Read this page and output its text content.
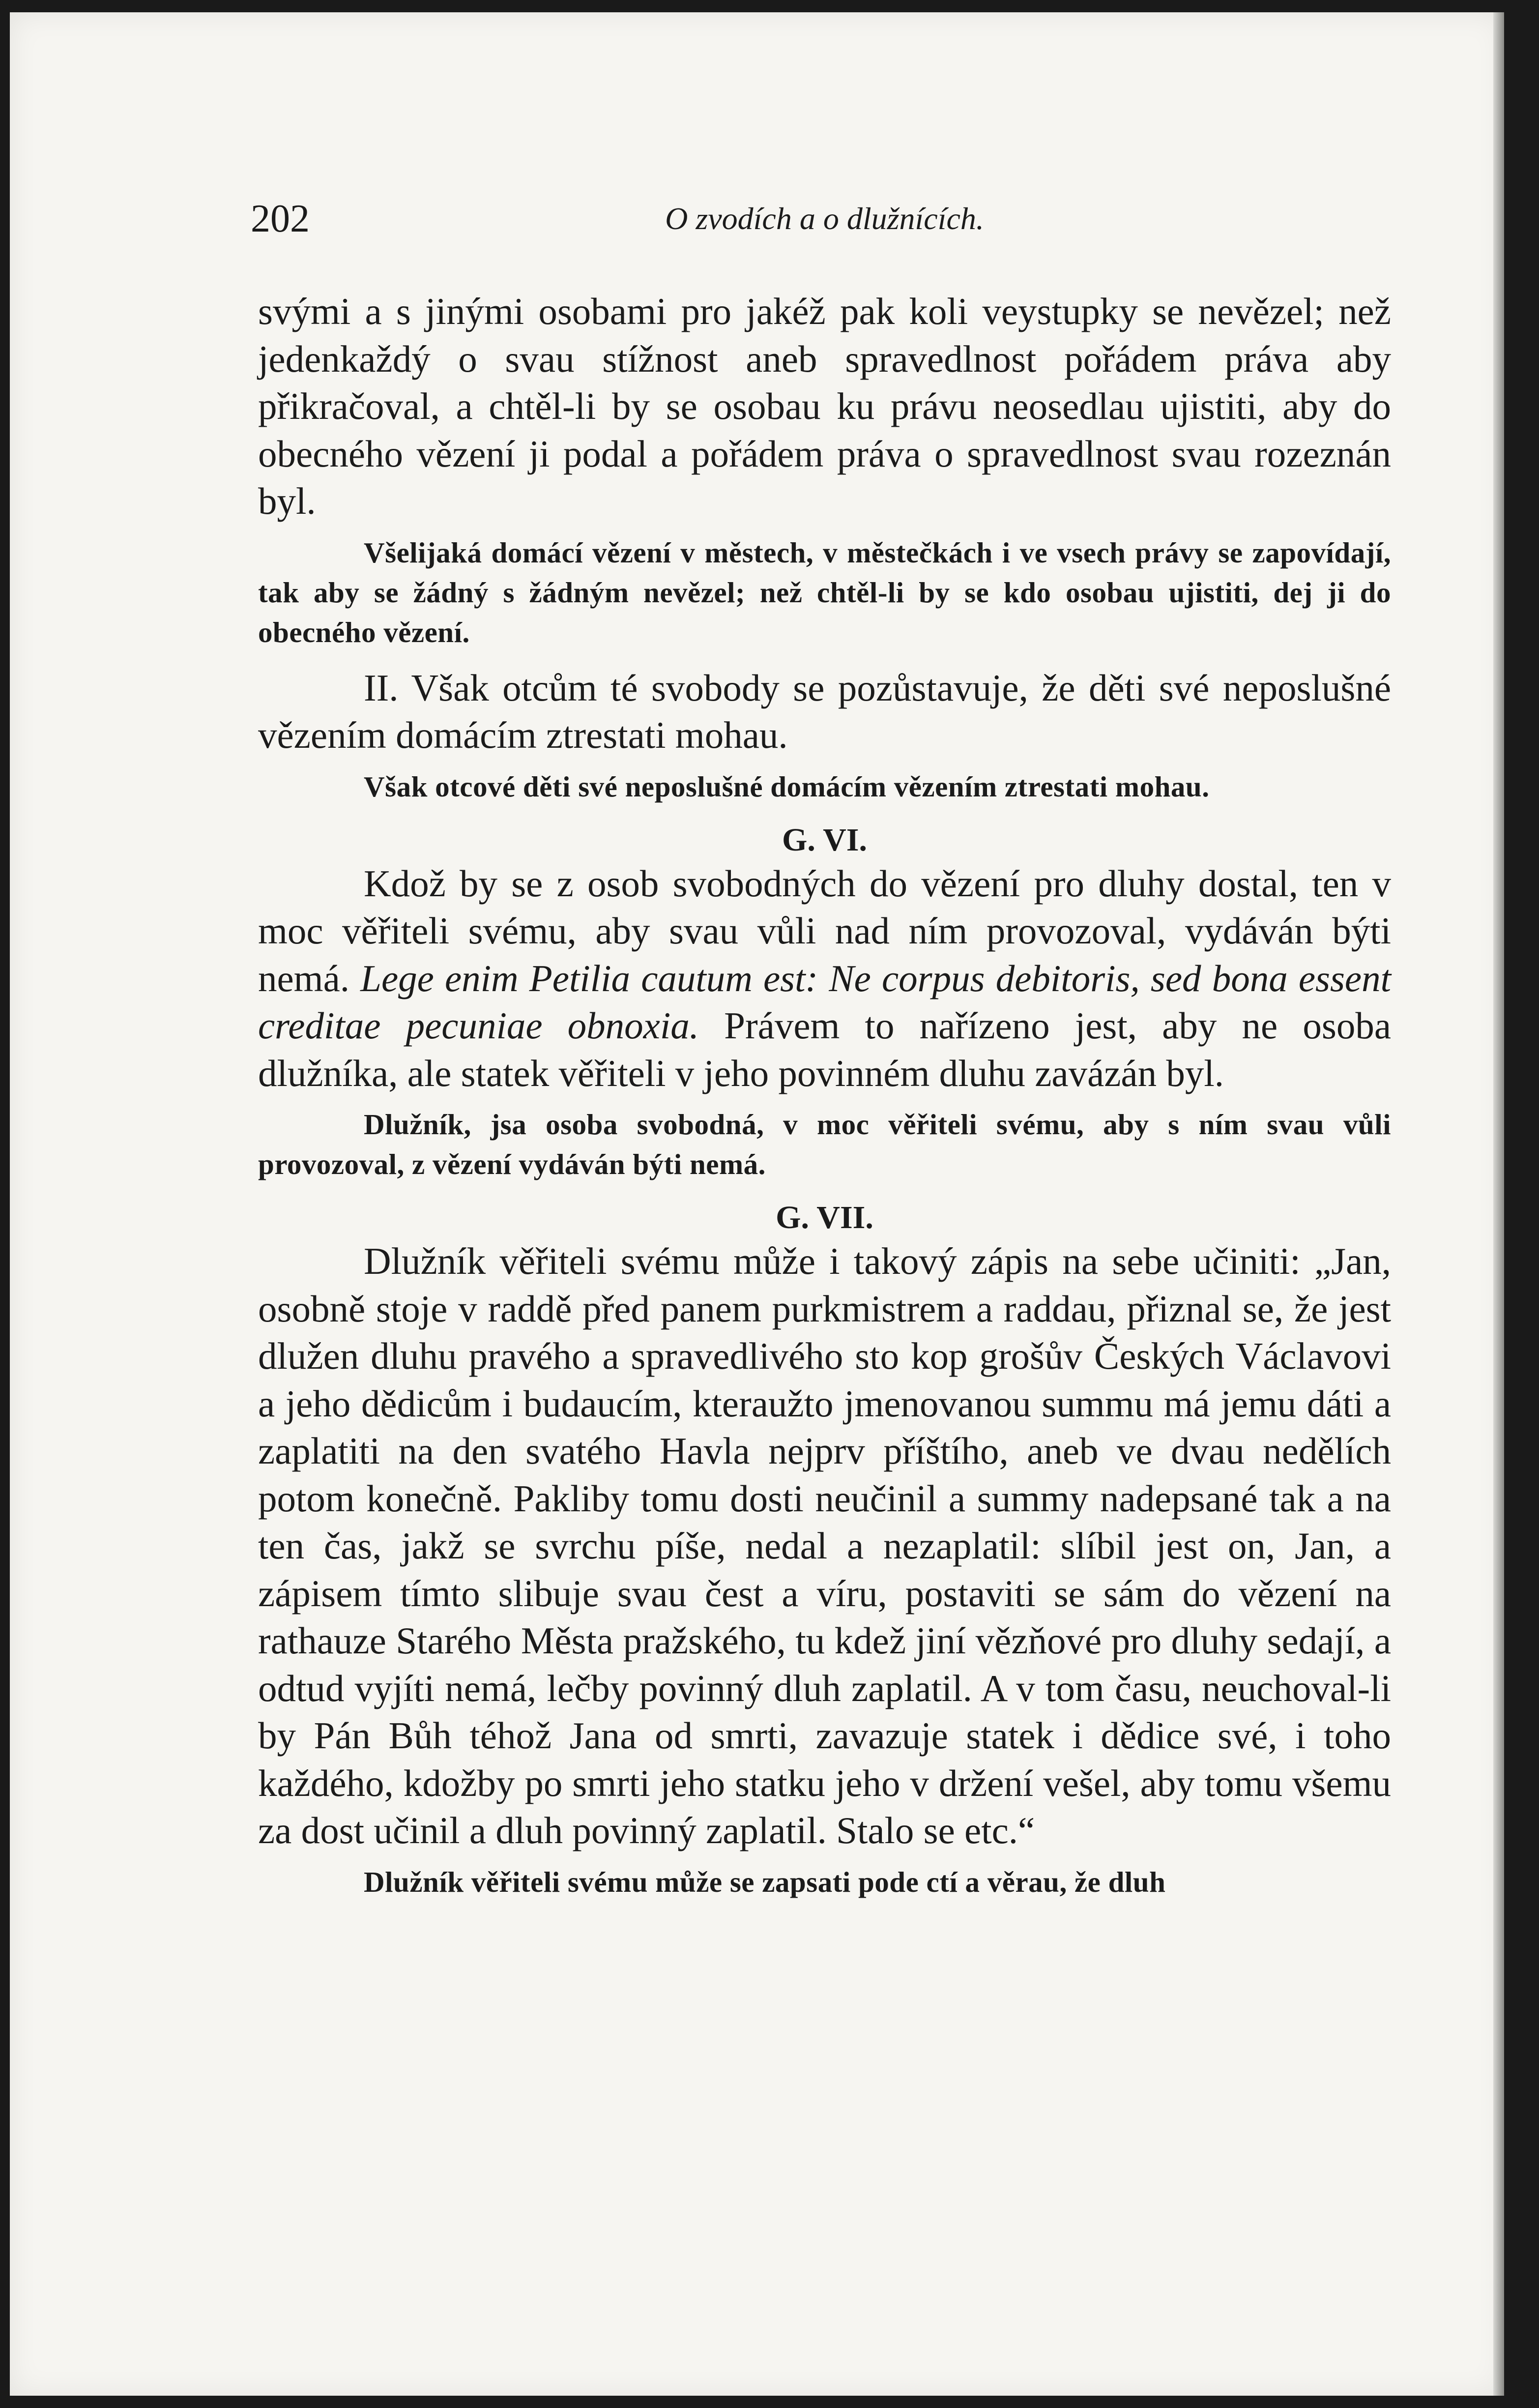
202	O zvodích a o dlužnících.

svými a s jinými osobami pro jakéž pak koli veystupky se nevězel; než jedenkaždý o svau stížnost aneb spravedlnost pořádem práva aby přikračoval, a chtěl-li by se osobau ku právu neosedlau ujistiti, aby do obecného vězení ji podal a pořádem práva o spravedlnost svau rozeznán byl.

Všelijaká domácí vězení v městech, v městečkách i ve vsech právy se zapovídají, tak aby se žádný s žádným nevězel; než chtěl-li by se kdo osobau ujistiti, dej ji do obecného vězení.

II. Však otcům té svobody se pozůstavuje, že děti své neposlušné vězením domácím ztrestati mohau.

Však otcové děti své neposlušné domácím vězením ztrestati mohau.

G. VI.

Kdož by se z osob svobodných do vězení pro dluhy dostal, ten v moc věřiteli svému, aby svau vůli nad ním provozoval, vydáván býti nemá. Lege enim Petilia cautum est: Ne corpus debitoris, sed bona essent creditae pecuniae obnoxia. Právem to nařízeno jest, aby ne osoba dlužníka, ale statek věřiteli v jeho povinném dluhu zavázán byl.

Dlužník, jsa osoba svobodná, v moc věřiteli svému, aby s ním svau vůli provozoval, z vězení vydáván býti nemá.

G. VII.

Dlužník věřiteli svému může i takový zápis na sebe učiniti: „Jan, osobně stoje v raddě před panem purkmistrem a raddau, přiznal se, že jest dlužen dluhu pravého a spravedlivého sto kop grošův Českých Václavovi a jeho dědicům i budaucím, kteraužto jmenovanou summu má jemu dáti a zaplatiti na den svatého Havla nejprv příštího, aneb ve dvau nedělích potom konečně. Pakliby tomu dosti neučinil a summy nadepsané tak a na ten čas, jakž se svrchu píše, nedal a nezaplatil: slíbil jest on, Jan, a zápisem tímto slibuje svau čest a víru, postaviti se sám do vězení na rathauze Starého Města pražského, tu kdež jiní vězňové pro dluhy sedají, a odtud vyjíti nemá, lečby povinný dluh zaplatil. A v tom času, neuchoval-li by Pán Bůh téhož Jana od smrti, zavazuje statek i dědice své, i toho každého, kdožby po smrti jeho statku jeho v držení vešel, aby tomu všemu za dost učinil a dluh povinný zaplatil. Stalo se etc.“

Dlužník věřiteli svému může se zapsati pode ctí a věrau, že dluh
